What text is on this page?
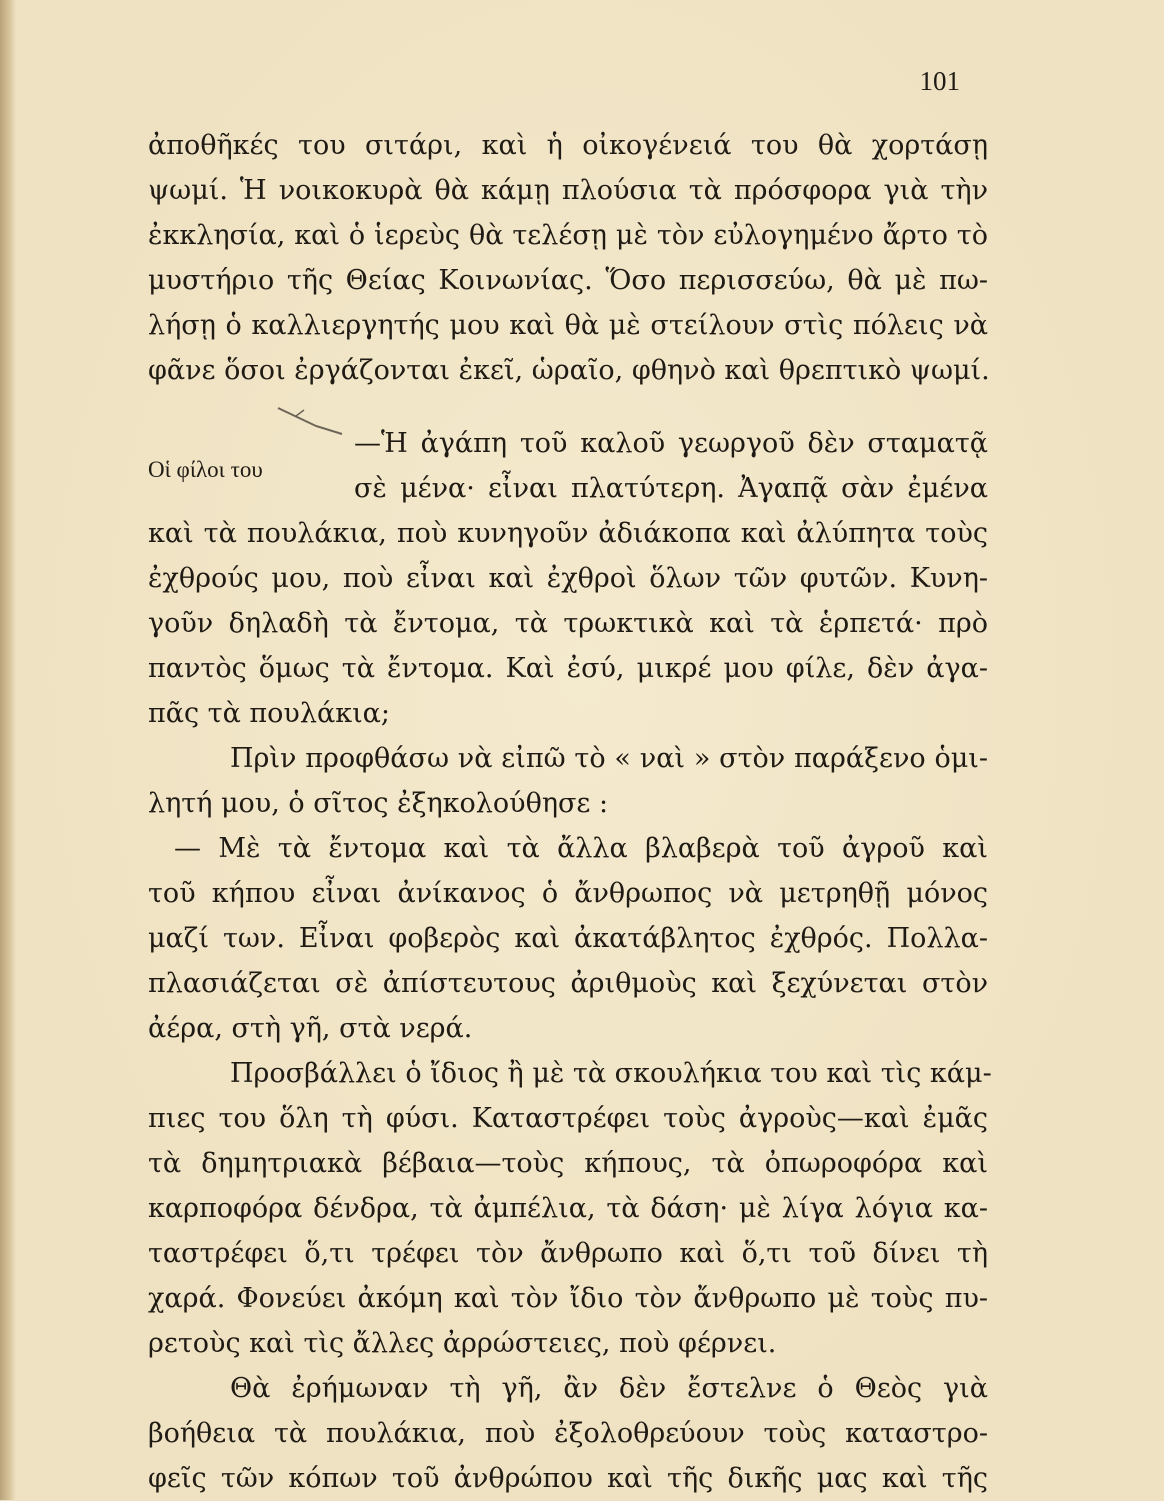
101
Οἱ φίλοι του
ἀποθῆκές του σιτάρι, καὶ ἡ οἰκογένειά του θὰ χορτάσῃ
ψωμί. Ἡ νοικοκυρὰ θὰ κάμῃ πλούσια τὰ πρόσφορα γιὰ τὴν
ἐκκλησία, καὶ ὁ ἱερεὺς θὰ τελέσῃ μὲ τὸν εὐλογημένο ἄρτο τὸ
μυστήριο τῆς Θείας Κοινωνίας. Ὅσο περισσεύω, θὰ μὲ πω-
λήσῃ ὁ καλλιεργητής μου καὶ θὰ μὲ στείλουν στὶς πόλεις νὰ
φᾶνε ὅσοι ἐργάζονται ἐκεῖ, ὡραῖο, φθηνὸ καὶ θρεπτικὸ ψωμί.
—Ἡ ἀγάπη τοῦ καλοῦ γεωργοῦ δὲν σταματᾷ
σὲ μένα· εἶναι πλατύτερη. Ἀγαπᾷ σὰν ἐμένα
καὶ τὰ πουλάκια, ποὺ κυνηγοῦν ἀδιάκοπα καὶ ἀλύπητα τοὺς
ἐχθρούς μου, ποὺ εἶναι καὶ ἐχθροὶ ὅλων τῶν φυτῶν. Κυνη-
γοῦν δηλαδὴ τὰ ἔντομα, τὰ τρωκτικὰ καὶ τὰ ἑρπετά· πρὸ
παντὸς ὅμως τὰ ἔντομα. Καὶ ἐσύ, μικρέ μου φίλε, δὲν ἀγα-
πᾶς τὰ πουλάκια;
Πρὶν προφθάσω νὰ εἰπῶ τὸ « ναὶ » στὸν παράξενο ὁμι-
λητή μου, ὁ σῖτος ἐξηκολούθησε :
— Μὲ τὰ ἔντομα καὶ τὰ ἄλλα βλαβερὰ τοῦ ἀγροῦ καὶ
τοῦ κήπου εἶναι ἀνίκανος ὁ ἄνθρωπος νὰ μετρηθῇ μόνος
μαζί των. Εἶναι φοβερὸς καὶ ἀκατάβλητος ἐχθρός. Πολλα-
πλασιάζεται σὲ ἀπίστευτους ἀριθμοὺς καὶ ξεχύνεται στὸν
ἀέρα, στὴ γῆ, στὰ νερά.
Προσβάλλει ὁ ἴδιος ἢ μὲ τὰ σκουλήκια του καὶ τὶς κάμ-
πιες του ὅλη τὴ φύσι. Καταστρέφει τοὺς ἀγροὺς—καὶ ἐμᾶς
τὰ δημητριακὰ βέβαια—τοὺς κήπους, τὰ ὀπωροφόρα καὶ
καρποφόρα δένδρα, τὰ ἀμπέλια, τὰ δάση· μὲ λίγα λόγια κα-
ταστρέφει ὅ,τι τρέφει τὸν ἄνθρωπο καὶ ὅ,τι τοῦ δίνει τὴ
χαρά. Φονεύει ἀκόμη καὶ τὸν ἴδιο τὸν ἄνθρωπο μὲ τοὺς πυ-
ρετοὺς καὶ τὶς ἄλλες ἀρρώστειες, ποὺ φέρνει.
Θὰ ἐρήμωναν τὴ γῆ, ἂν δὲν ἔστελνε ὁ Θεὸς γιὰ
βοήθεια τὰ πουλάκια, ποὺ ἐξολοθρεύουν τοὺς καταστρο-
φεῖς τῶν κόπων τοῦ ἀνθρώπου καὶ τῆς δικῆς μας καὶ τῆς
